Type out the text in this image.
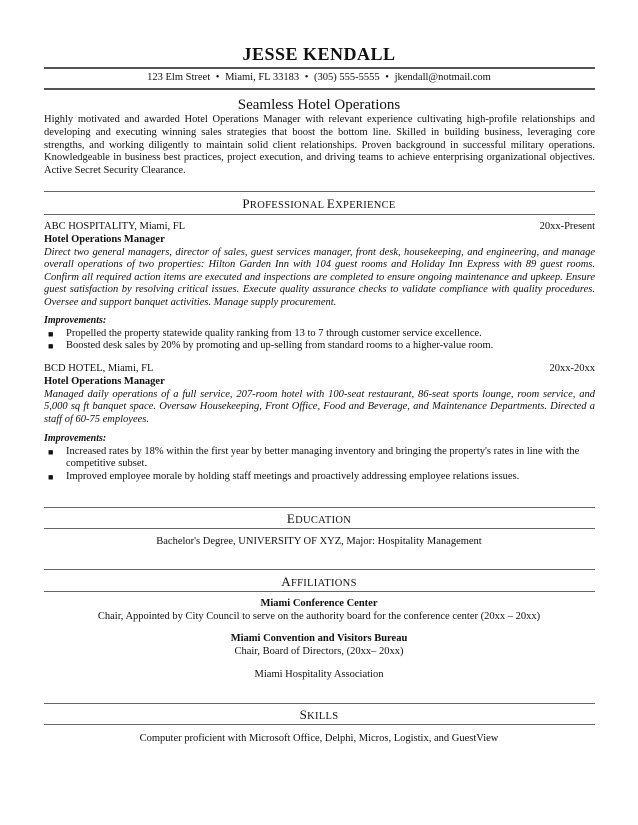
JESSE KENDALL
123 Elm Street • Miami, FL 33183 • (305) 555-5555 • jkendall@notmail.com
Seamless Hotel Operations
Highly motivated and awarded Hotel Operations Manager with relevant experience cultivating high-profile relationships and developing and executing winning sales strategies that boost the bottom line. Skilled in building business, leveraging core strengths, and working diligently to maintain solid client relationships. Proven background in successful military operations. Knowledgeable in business best practices, project execution, and driving teams to achieve enterprising organizational objectives. Active Secret Security Clearance.
PROFESSIONAL EXPERIENCE
ABC HOSPITALITY, Miami, FL	20xx-Present
Hotel Operations Manager
Direct two general managers, director of sales, guest services manager, front desk, housekeeping, and engineering, and manage overall operations of two properties: Hilton Garden Inn with 104 guest rooms and Holiday Inn Express with 89 guest rooms. Confirm all required action items are executed and inspections are completed to ensure ongoing maintenance and upkeep. Ensure guest satisfaction by resolving critical issues. Execute quality assurance checks to validate compliance with quality procedures. Oversee and support banquet activities. Manage supply procurement.
Improvements:
■ Propelled the property statewide quality ranking from 13 to 7 through customer service excellence.
■ Boosted desk sales by 20% by promoting and up-selling from standard rooms to a higher-value room.
BCD HOTEL, Miami, FL	20xx-20xx
Hotel Operations Manager
Managed daily operations of a full service, 207-room hotel with 100-seat restaurant, 86-seat sports lounge, room service, and 5,000 sq ft banquet space. Oversaw Housekeeping, Front Office, Food and Beverage, and Maintenance Departments. Directed a staff of 60-75 employees.
Improvements:
■ Increased rates by 18% within the first year by better managing inventory and bringing the property's rates in line with the competitive subset.
■ Improved employee morale by holding staff meetings and proactively addressing employee relations issues.
EDUCATION
Bachelor's Degree, UNIVERSITY OF XYZ, Major: Hospitality Management
AFFILIATIONS
Miami Conference Center
Chair, Appointed by City Council to serve on the authority board for the conference center (20xx – 20xx)
Miami Convention and Visitors Bureau
Chair, Board of Directors, (20xx– 20xx)
Miami Hospitality Association
SKILLS
Computer proficient with Microsoft Office, Delphi, Micros, Logistix, and GuestView
